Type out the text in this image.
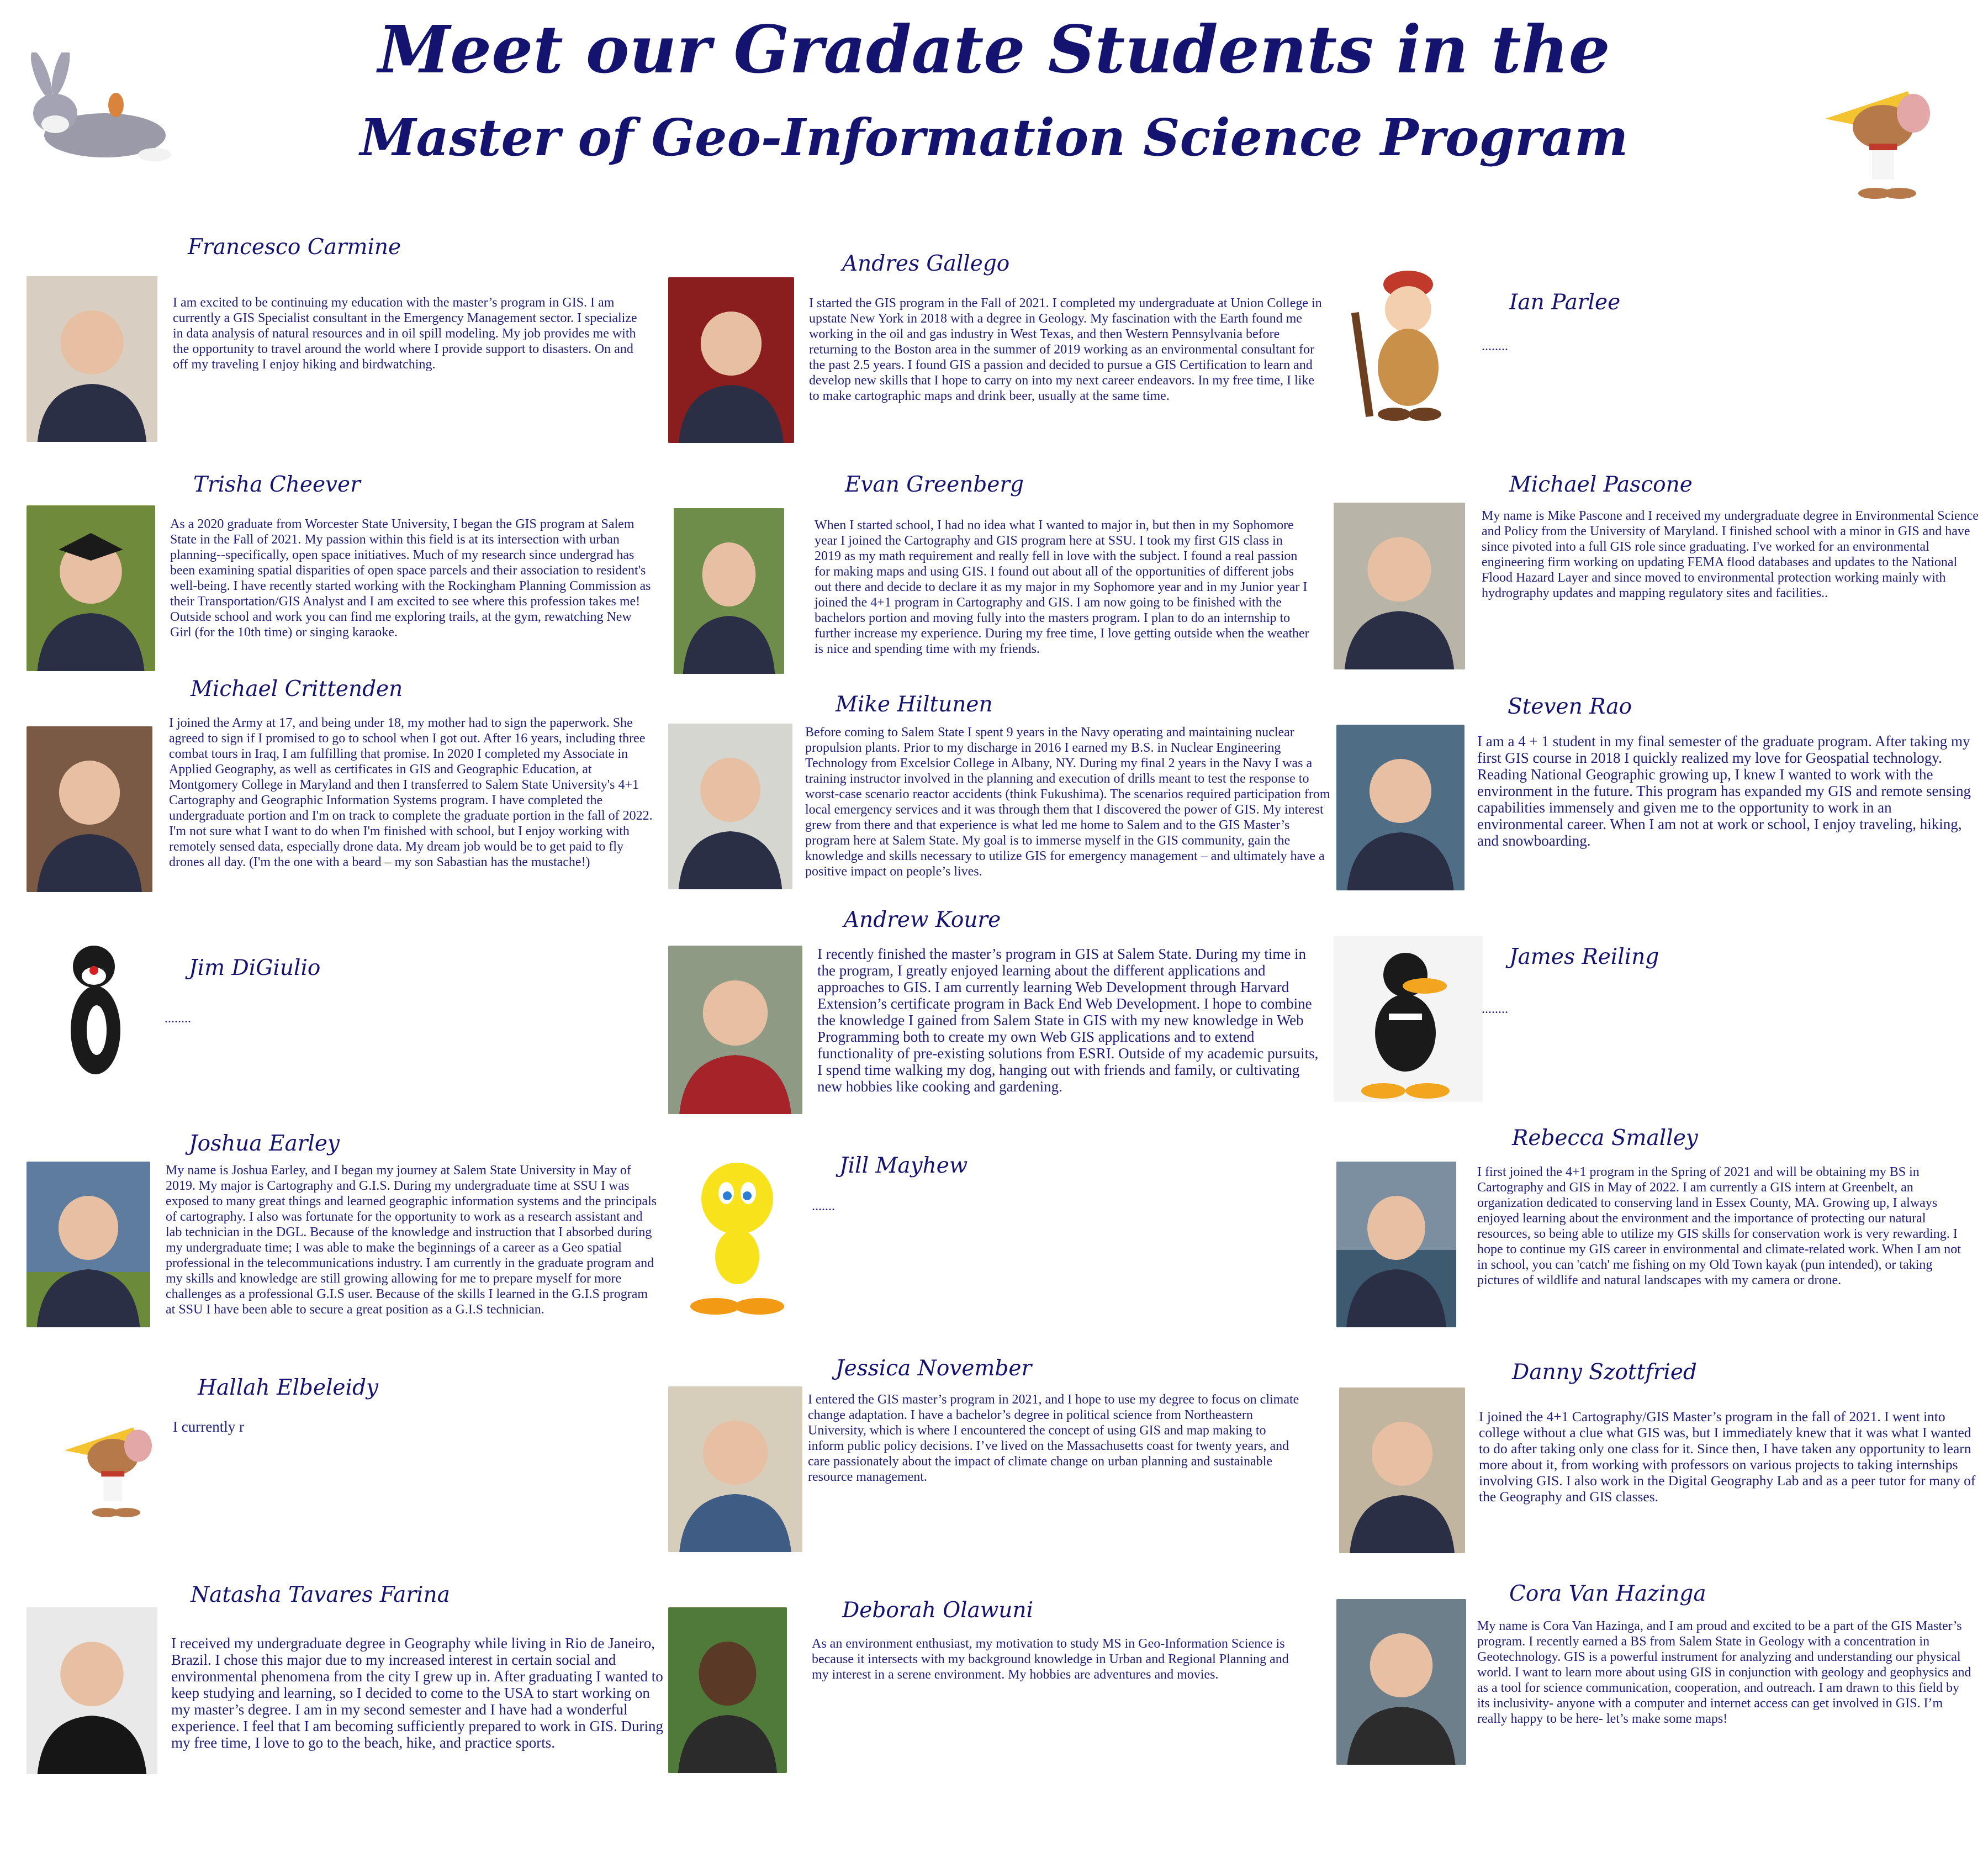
Meet our Gradate Students in the
Master of Geo-Information Science Program
Francesco Carmine
I am excited to be continuing my education with the master’s program in GIS. I am currently a GIS Specialist consultant in the Emergency Management sector. I specialize in data analysis of natural resources and in oil spill modeling. My job provides me with the opportunity to travel around the world where I provide support to disasters. On and off my traveling I enjoy hiking and birdwatching.
Andres Gallego
I started the GIS program in the Fall of 2021. I completed my undergraduate at Union College in upstate New York in 2018 with a degree in Geology. My fascination with the Earth found me working in the oil and gas industry in West Texas, and then Western Pennsylvania before returning to the Boston area in the summer of 2019 working as an environmental consultant for the past 2.5 years. I found GIS a passion and decided to pursue a GIS Certification to learn and develop new skills that I hope to carry on into my next career endeavors. In my free time, I like to make cartographic maps and drink beer, usually at the same time.
Ian Parlee
........
Trisha Cheever
As a 2020 graduate from Worcester State University, I began the GIS program at Salem State in the Fall of 2021. My passion within this field is at its intersection with urban planning--specifically, open space initiatives. Much of my research since undergrad has been examining spatial disparities of open space parcels and their association to resident's well-being. I have recently started working with the Rockingham Planning Commission as their Transportation/GIS Analyst and I am excited to see where this profession takes me! Outside school and work you can find me exploring trails, at the gym, rewatching New Girl (for the 10th time) or singing karaoke.
Evan Greenberg
When I started school, I had no idea what I wanted to major in, but then in my Sophomore year I joined the Cartography and GIS program here at SSU. I took my first GIS class in 2019 as my math requirement and really fell in love with the subject. I found a real passion for making maps and using GIS. I found out about all of the opportunities of different jobs out there and decide to declare it as my major in my Sophomore year and in my Junior year I joined the 4+1 program in Cartography and GIS. I am now going to be finished with the bachelors portion and moving fully into the masters program. I plan to do an internship to further increase my experience. During my free time, I love getting outside when the weather is nice and spending time with my friends.
Michael Pascone
My name is Mike Pascone and I received my undergraduate degree in Environmental Science and Policy from the University of Maryland. I finished school with a minor in GIS and have since pivoted into a full GIS role since graduating. I've worked for an environmental engineering firm working on updating FEMA flood databases and updates to the National Flood Hazard Layer and since moved to environmental protection working mainly with hydrography updates and mapping regulatory sites and facilities..
Michael Crittenden
I joined the Army at 17, and being under 18, my mother had to sign the paperwork. She agreed to sign if I promised to go to school when I got out. After 16 years, including three combat tours in Iraq, I am fulfilling that promise. In 2020 I completed my Associate in Applied Geography, as well as certificates in GIS and Geographic Education, at Montgomery College in Maryland and then I transferred to Salem State University's 4+1 Cartography and Geographic Information Systems program. I have completed the undergraduate portion and I'm on track to complete the graduate portion in the fall of 2022. I'm not sure what I want to do when I'm finished with school, but I enjoy working with remotely sensed data, especially drone data. My dream job would be to get paid to fly drones all day. (I'm the one with a beard – my son Sabastian has the mustache!)
Mike Hiltunen
Before coming to Salem State I spent 9 years in the Navy operating and maintaining nuclear propulsion plants. Prior to my discharge in 2016 I earned my B.S. in Nuclear Engineering Technology from Excelsior College in Albany, NY. During my final 2 years in the Navy I was a training instructor involved in the planning and execution of drills meant to test the response to worst-case scenario reactor accidents (think Fukushima). The scenarios required participation from local emergency services and it was through them that I discovered the power of GIS. My interest grew from there and that experience is what led me home to Salem and to the GIS Master’s program here at Salem State. My goal is to immerse myself in the GIS community, gain the knowledge and skills necessary to utilize GIS for emergency management – and ultimately have a positive impact on people’s lives.
Steven Rao
I am a 4 + 1 student in my final semester of the graduate program. After taking my first GIS course in 2018 I quickly realized my love for Geospatial technology. Reading National Geographic growing up, I knew I wanted to work with the environment in the future. This program has expanded my GIS and remote sensing capabilities immensely and given me to the opportunity to work in an environmental career. When I am not at work or school, I enjoy traveling, hiking, and snowboarding.
Jim DiGiulio
........
Andrew Koure
I recently finished the master’s program in GIS at Salem State. During my time in the program, I greatly enjoyed learning about the different applications and approaches to GIS. I am currently learning Web Development through Harvard Extension’s certificate program in Back End Web Development. I hope to combine the knowledge I gained from Salem State in GIS with my new knowledge in Web Programming both to create my own Web GIS applications and to extend functionality of pre-existing solutions from ESRI. Outside of my academic pursuits, I spend time walking my dog, hanging out with friends and family, or cultivating new hobbies like cooking and gardening.
James Reiling
........
Joshua Earley
My name is Joshua Earley, and I began my journey at Salem State University in May of 2019. My major is Cartography and G.I.S. During my undergraduate time at SSU I was exposed to many great things and learned geographic information systems and the principals of cartography. I also was fortunate for the opportunity to work as a research assistant and lab technician in the DGL. Because of the knowledge and instruction that I absorbed during my undergraduate time; I was able to make the beginnings of a career as a Geo spatial professional in the telecommunications industry. I am currently in the graduate program and my skills and knowledge are still growing allowing for me to prepare myself for more challenges as a professional G.I.S user. Because of the skills I learned in the G.I.S program at SSU I have been able to secure a great position as a G.I.S technician.
Jill Mayhew
.......
Rebecca Smalley
I first joined the 4+1 program in the Spring of 2021 and will be obtaining my BS in Cartography and GIS in May of 2022. I am currently a GIS intern at Greenbelt, an organization dedicated to conserving land in Essex County, MA. Growing up, I always enjoyed learning about the environment and the importance of protecting our natural resources, so being able to utilize my GIS skills for conservation work is very rewarding. I hope to continue my GIS career in environmental and climate-related work. When I am not in school, you can 'catch' me fishing on my Old Town kayak (pun intended), or taking pictures of wildlife and natural landscapes with my camera or drone.
Hallah Elbeleidy
I currently r
Jessica November
I entered the GIS master’s program in 2021, and I hope to use my degree to focus on climate change adaptation. I have a bachelor’s degree in political science from Northeastern University, which is where I encountered the concept of using GIS and map making to inform public policy decisions. I’ve lived on the Massachusetts coast for twenty years, and care passionately about the impact of climate change on urban planning and sustainable resource management.
Danny Szottfried
I joined the 4+1 Cartography/GIS Master’s program in the fall of 2021. I went into college without a clue what GIS was, but I immediately knew that it was what I wanted to do after taking only one class for it. Since then, I have taken any opportunity to learn more about it, from working with professors on various projects to taking internships involving GIS. I also work in the Digital Geography Lab and as a peer tutor for many of the Geography and GIS classes.
Natasha Tavares Farina
I received my undergraduate degree in Geography while living in Rio de Janeiro, Brazil. I chose this major due to my increased interest in certain social and environmental phenomena from the city I grew up in. After graduating I wanted to keep studying and learning, so I decided to come to the USA to start working on my master’s degree. I am in my second semester and I have had a wonderful experience. I feel that I am becoming sufficiently prepared to work in GIS. During my free time, I love to go to the beach, hike, and practice sports.
Deborah Olawuni
As an environment enthusiast, my motivation to study MS in Geo-Information Science is because it intersects with my background knowledge in Urban and Regional Planning and my interest in a serene environment. My hobbies are adventures and movies.
Cora Van Hazinga
My name is Cora Van Hazinga, and I am proud and excited to be a part of the GIS Master’s program. I recently earned a BS from Salem State in Geology with a concentration in Geotechnology. GIS is a powerful instrument for analyzing and understanding our physical world. I want to learn more about using GIS in conjunction with geology and geophysics and as a tool for science communication, cooperation, and outreach. I am drawn to this field by its inclusivity- anyone with a computer and internet access can get involved in GIS. I’m really happy to be here- let’s make some maps!
